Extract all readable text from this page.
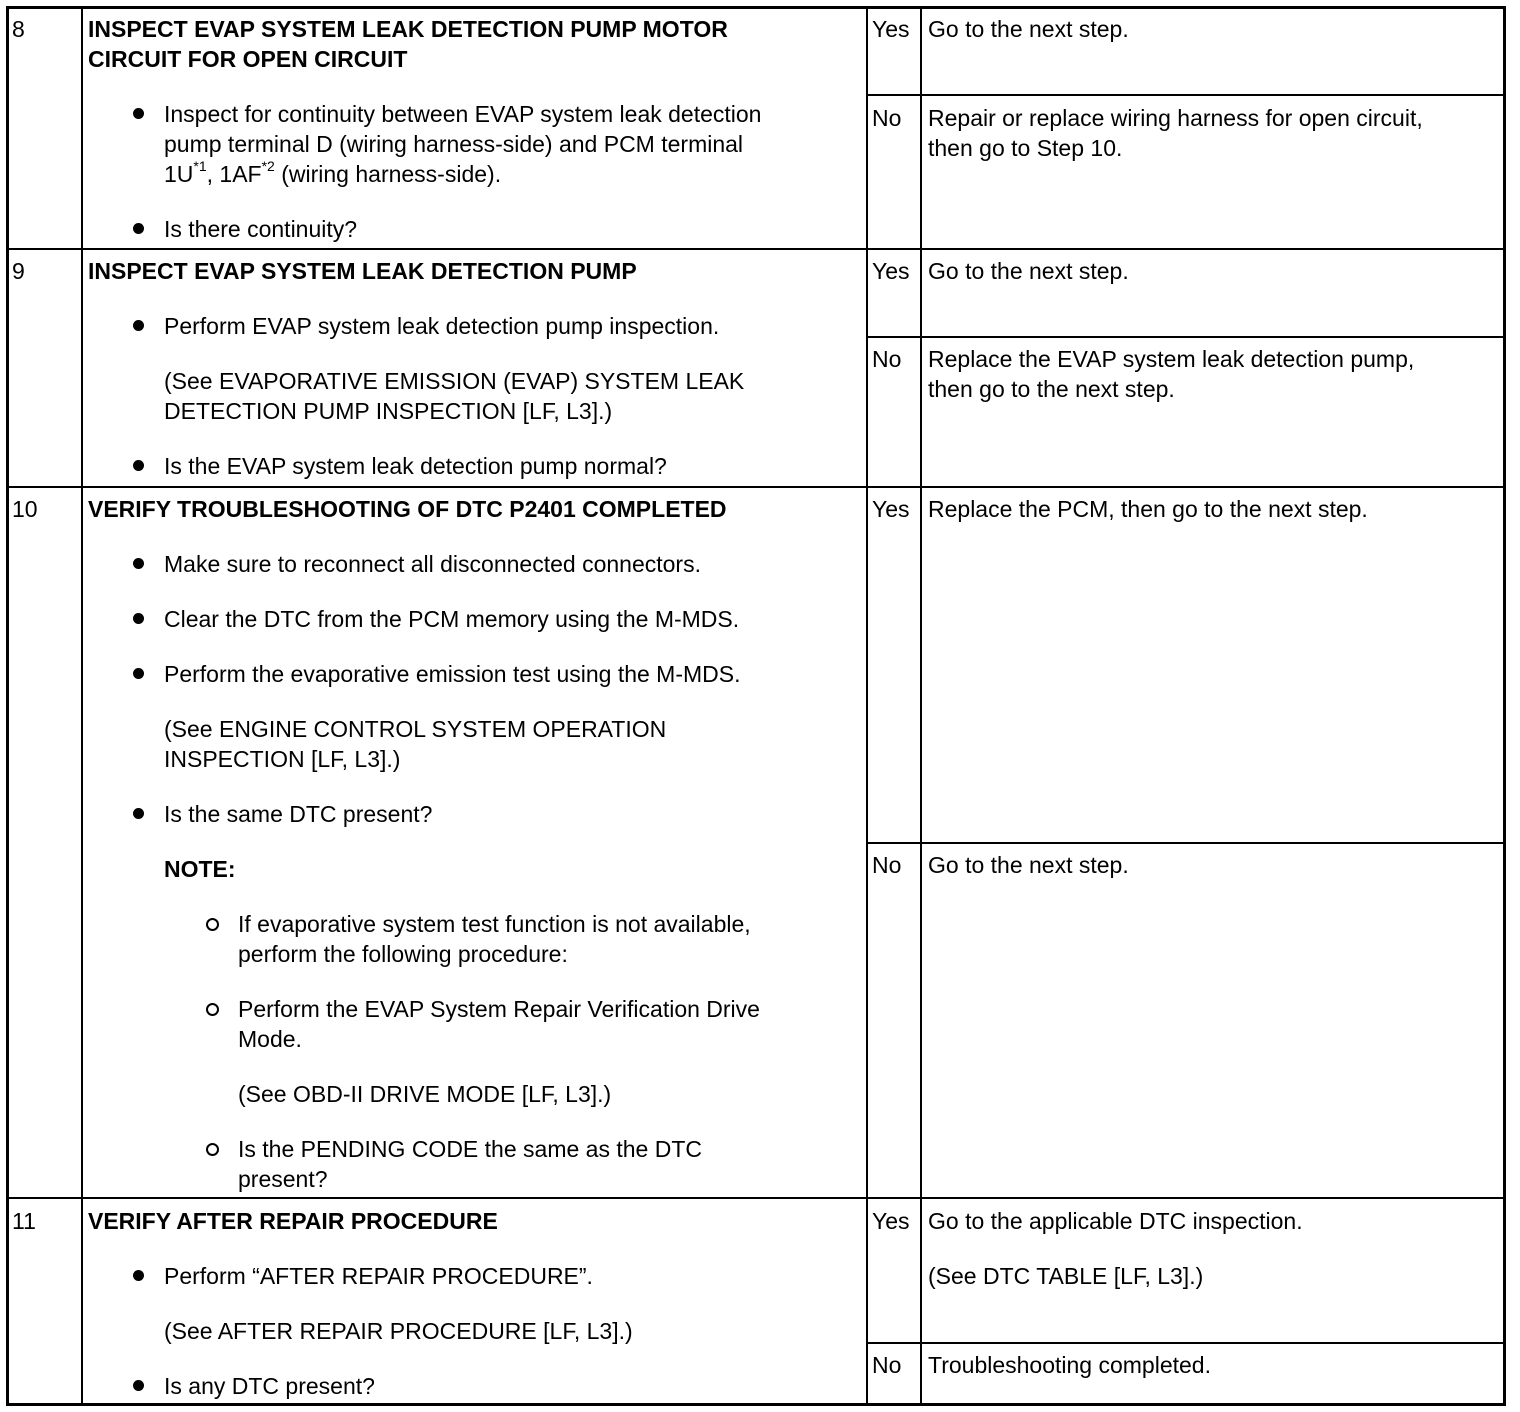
8	INSPECT EVAP SYSTEM LEAK DETECTION PUMP MOTOR
CIRCUIT FOR OPEN CIRCUIT
Inspect for continuity between EVAP system leak detection
pump terminal D (wiring harness-side) and PCM terminal
$1U^{*1}$, 1AF$^{*2}$ (wiring harness-side).
Is there continuity?
Yes Go to the next step.
No Repair or replace wiring harness for open circuit,
then go to Step 10.
9	INSPECT EVAP SYSTEM LEAK DETECTION PUMP
Perform EVAP system leak detection pump inspection.
(See EVAPORATIVE EMISSION (EVAP) SYSTEM LEAK
DETECTION PUMP INSPECTION [LF, L3].)
Is the EVAP system leak detection pump normal?
Yes Go to the next step.
No Replace the EVAP system leak detection pump,
then go to the next step.
10 VERIFY TROUBLESHOOTING OF DTC P2401 COMPLETED
Make sure to reconnect all disconnected connectors.
Clear the DTC from the PCM memory using the M-MDS.
Perform the evaporative emission test using the M-MDS.
(See ENGINE CONTROL SYSTEM OPERATION
INSPECTION [LF, L3].)
Is the same DTC present?
NOTE:
If evaporative system test function is not available,
perform the following procedure:
Perform the EVAP System Repair Verification Drive
Mode.
(See OBD-II DRIVE MODE [LF, L3].)
Is the PENDING CODE the same as the DTC
present?
Yes Replace the PCM, then go to the next step.
No Go to the next step.
11 VERIFY AFTER REPAIR PROCEDURE
Perform “AFTER REPAIR PROCEDURE”.
(See AFTER REPAIR PROCEDURE [LF, L3].)
Is any DTC present?
Yes Go to the applicable DTC inspection.
(See DTC TABLE [LF, L3].)
No Troubleshooting completed.
